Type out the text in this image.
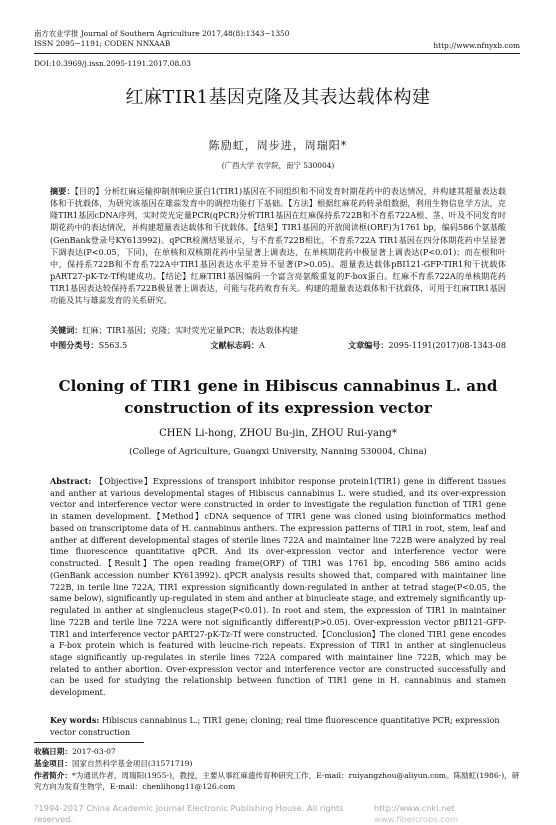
南方农业学报 Journal of Southern Agriculture 2017,48(8):1343−1350
ISSN 2095−1191; CODEN NNXAAB	http://www.nfnyxb.com
DOI:10.3969/j.issn.2095-1191.2017.08.03
红麻TIR1基因克隆及其表达载体构建
陈励虹，周步进，周瑞阳*
(广西大学 农学院，南宁 530004)
摘要：【目的】分析红麻运输抑制剂响应蛋白1(TIR1)基因在不同组织和不同发育时期花药中的表达情况，并构建其超量表达载体和干扰载体，为研究该基因在雄蕊发育中的调控功能打下基础。【方法】根据红麻花药转录组数据，利用生物信息学方法，克隆TIR1基因cDNA序列，实时荧光定量PCR(qPCR)分析TIR1基因在红麻保持系722B和不育系722A根、茎、叶及不同发育时期花药中的表达情况，并构建超量表达载体和干扰载体。【结果】TIR1基因的开放阅读框(ORF)为1761 bp，编码586个氨基酸(GenBank登录号KY613992)。qPCR检测结果显示，与不育系722B相比，不育系722A TIR1基因在四分体期花药中呈显著下调表达(P<0.05，下同)，在单核和双核期花药中呈显著上调表达，在单核期花药中极显著上调表达(P<0.01)；而在根和叶中，保持系722B和不育系722A中TIR1基因表达水平差异不显著(P>0.05)。超量表达载体pBI121-GFP-TIR1和干扰载体pART27-pK-Tz-Tf构建成功。【结论】红麻TIR1基因编码一个富含亮氨酸重复的F-box蛋白。红麻不育系722A的单核期花药TIR1基因表达较保持系722B极显著上调表达，可能与花药败育有关。构建的超量表达载体和干扰载体，可用于红麻TIR1基因功能及其与雄蕊发育的关系研究。
关键词：红麻；TIR1基因；克隆；实时荧光定量PCR；表达载体构建
中图分类号：S563.5	文献标志码：A	文章编号：2095-1191(2017)08-1343-08
Cloning of TIR1 gene in Hibiscus cannabinus L. and
construction of its expression vector
CHEN Li-hong, ZHOU Bu-jin, ZHOU Rui-yang*
(College of Agriculture, Guangxi University, Nanning 530004, China)
Abstract: 【Objective】Expressions of transport inhibitor response protein1(TIR1) gene in different tissues and anther at various developmental stages of Hibiscus cannabinus L. were studied, and its over-expression vector and interference vector were constructed in order to investigate the regulation function of TIR1 gene in stamen development.【Method】cDNA sequence of TIR1 gene was cloned using bioinformatics method based on transcriptome data of H. cannabinus anthers. The expression patterns of TIR1 in root, stem, leaf and anther at different developmental stages of sterile lines 722A and maintainer line 722B were analyzed by real time fluorescence quantitative qPCR. And its over-expression vector and interference vector were constructed.【Result】The open reading frame(ORF) of TIR1 was 1761 bp, encoding 586 amino acids (GenBank accession number KY613992). qPCR analysis results showed that, compared with maintainer line 722B, in terile line 722A, TIR1 expression significantly down-regulated in anther at tetrad stage(P<0.05, the same below), significantly up-regulated in stem and anther at binucleate stage, and extremely significantly up-regulated in anther at singlenucleus stage(P<0.01). In root and stem, the expression of TIR1 in maintainer line 722B and terile line 722A were not significantly different(P>0.05). Over-expression vector pBI121-GFP-TIR1 and interference vector pART27-pK-Tz-Tf were constructed.【Conclusion】The cloned TIR1 gene encodes a F-box protein which is featured with leucine-rich repeats. Expression of TIR1 in anther at singlenucleus stage significantly up-regulates in sterile lines 722A compared with maintainer line 722B, which may be related to anther abortion. Over-expression vector and interference vector are constructed successfully and can be used for studying the relationship between function of TIR1 gene in H. cannabinus and stamen development.
Key words: Hibiscus cannabinus L.; TIR1 gene; cloning; real time fluorescence quantitative PCR; expression vector construction
收稿日期：2017-03-07
基金项目：国家自然科学基金项目(31571719)
作者简介：*为通讯作者，周瑞阳(1955-)，教授，主要从事红麻遗传育种研究工作，E-mail：ruiyangzhou@aliyun.com。陈励虹(1986-)，研究方向为发育生物学，E-mail：chenlihong11@126.com
?1994-2017 China Academic Journal Electronic Publishing House. All rights reserved.
http://www.cnki.net www.fibercrops.com
